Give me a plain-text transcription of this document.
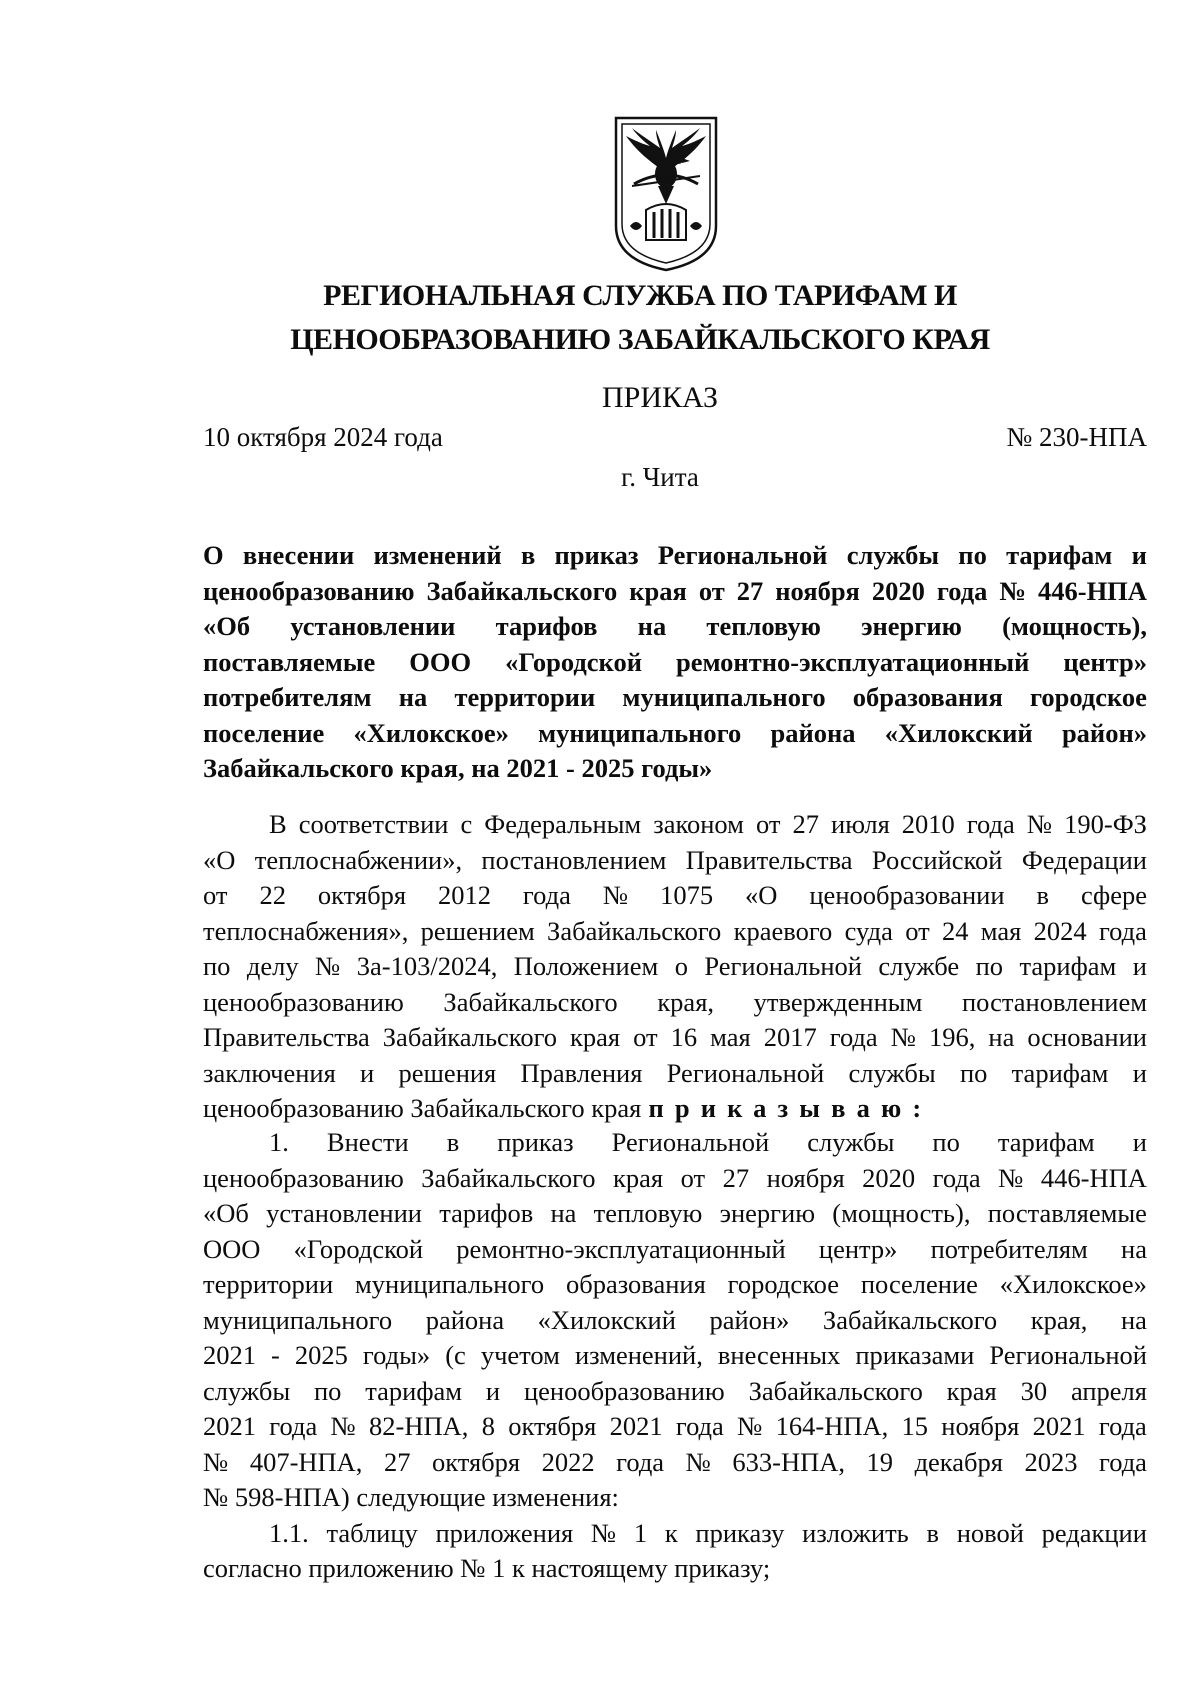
РЕГИОНАЛЬНАЯ СЛУЖБА ПО ТАРИФАМ И
ЦЕНООБРАЗОВАНИЮ ЗАБАЙКАЛЬСКОГО КРАЯ
ПРИКАЗ
10 октября 2024 года	№ 230-НПА
г. Чита
О внесении изменений в приказ Региональной службы по тарифам и
ценообразованию Забайкальского края от 27 ноября 2020 года № 446-НПА
«Об установлении тарифов на тепловую энергию (мощность),
поставляемые ООО «Городской ремонтно-эксплуатационный центр»
потребителям на территории муниципального образования городское
поселение «Хилокское» муниципального района «Хилокский район»
Забайкальского края, на 2021 - 2025 годы»
В соответствии с Федеральным законом от 27 июля 2010 года № 190-ФЗ
«О теплоснабжении», постановлением Правительства Российской Федерации
от 22 октября 2012 года № 1075 «О ценообразовании в сфере
теплоснабжения», решением Забайкальского краевого суда от 24 мая 2024 года
по делу № 3а-103/2024, Положением о Региональной службе по тарифам и
ценообразованию Забайкальского края, утвержденным постановлением
Правительства Забайкальского края от 16 мая 2017 года № 196, на основании
заключения и решения Правления Региональной службы по тарифам и
ценообразованию Забайкальского края приказываю:
1. Внести в приказ Региональной службы по тарифам и
ценообразованию Забайкальского края от 27 ноября 2020 года № 446-НПА
«Об установлении тарифов на тепловую энергию (мощность), поставляемые
ООО «Городской ремонтно-эксплуатационный центр» потребителям на
территории муниципального образования городское поселение «Хилокское»
муниципального района «Хилокский район» Забайкальского края, на
2021 - 2025 годы» (с учетом изменений, внесенных приказами Региональной
службы по тарифам и ценообразованию Забайкальского края 30 апреля
2021 года № 82-НПА, 8 октября 2021 года № 164-НПА, 15 ноября 2021 года
№ 407-НПА, 27 октября 2022 года № 633-НПА, 19 декабря 2023 года
№ 598-НПА) следующие изменения:
1.1. таблицу приложения № 1 к приказу изложить в новой редакции
согласно приложению № 1 к настоящему приказу;
